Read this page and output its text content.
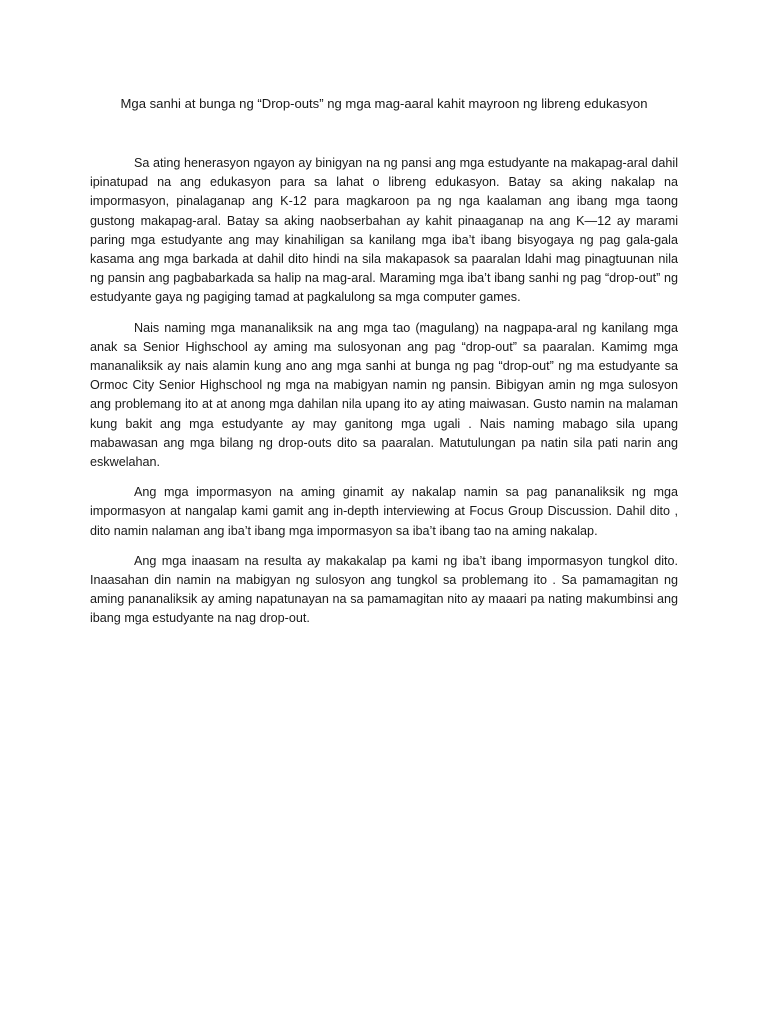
Mga sanhi at bunga ng “Drop-outs” ng mga mag-aaral kahit mayroon ng libreng edukasyon

Sa ating henerasyon ngayon ay binigyan na ng pansi ang mga estudyante na makapag-aral dahil ipinatupad na ang edukasyon para sa lahat o libreng edukasyon. Batay sa aking nakalap na impormasyon, pinalaganap ang K-12 para magkaroon pa ng nga kaalaman ang ibang mga taong gustong makapag-aral. Batay sa aking naobserbahan ay kahit pinaaganap na ang K—12 ay marami paring mga estudyante ang may kinahiligan sa kanilang mga iba’t ibang bisyogaya ng pag gala-gala kasama ang mga barkada at dahil dito hindi na sila makapasok sa paaralan ldahi mag pinagtuunan nila ng pansin ang pagbabarkada sa halip na mag-aral. Maraming mga iba’t ibang sanhi ng pag “drop-out” ng estudyante gaya ng pagiging tamad at pagkalulong sa mga computer games.

Nais naming mga mananaliksik na ang mga tao (magulang) na nagpapa-aral ng kanilang mga anak sa Senior Highschool ay aming ma sulosyonan ang pag “drop-out” sa paaralan. Kamimg mga mananaliksik ay nais alamin kung ano ang mga sanhi at bunga ng pag “drop-out” ng ma estudyante sa Ormoc City Senior Highschool ng mga na mabigyan namin ng pansin. Bibigyan amin ng mga sulosyon ang problemang ito at at anong mga dahilan nila upang ito ay ating maiwasan. Gusto namin na malaman kung bakit ang mga estudyante ay may ganitong mga ugali . Nais naming mabago sila upang mabawasan ang mga bilang ng drop-outs dito sa paaralan. Matutulungan pa natin sila pati narin ang eskwelahan.

Ang mga impormasyon na aming ginamit ay nakalap namin sa pag pananaliksik ng mga impormasyon at nangalap kami gamit ang in-depth interviewing at Focus Group Discussion. Dahil dito , dito namin nalaman ang iba’t ibang mga impormasyon sa iba’t ibang tao na aming nakalap.

Ang mga inaasam na resulta ay makakalap pa kami ng iba’t ibang impormasyon tungkol dito. Inaasahan din namin na mabigyan ng sulosyon ang tungkol sa problemang ito . Sa pamamagitan ng aming pananaliksik ay aming napatunayan na sa pamamagitan nito ay maaari pa nating makumbinsi ang ibang mga estudyante na nag drop-out.
